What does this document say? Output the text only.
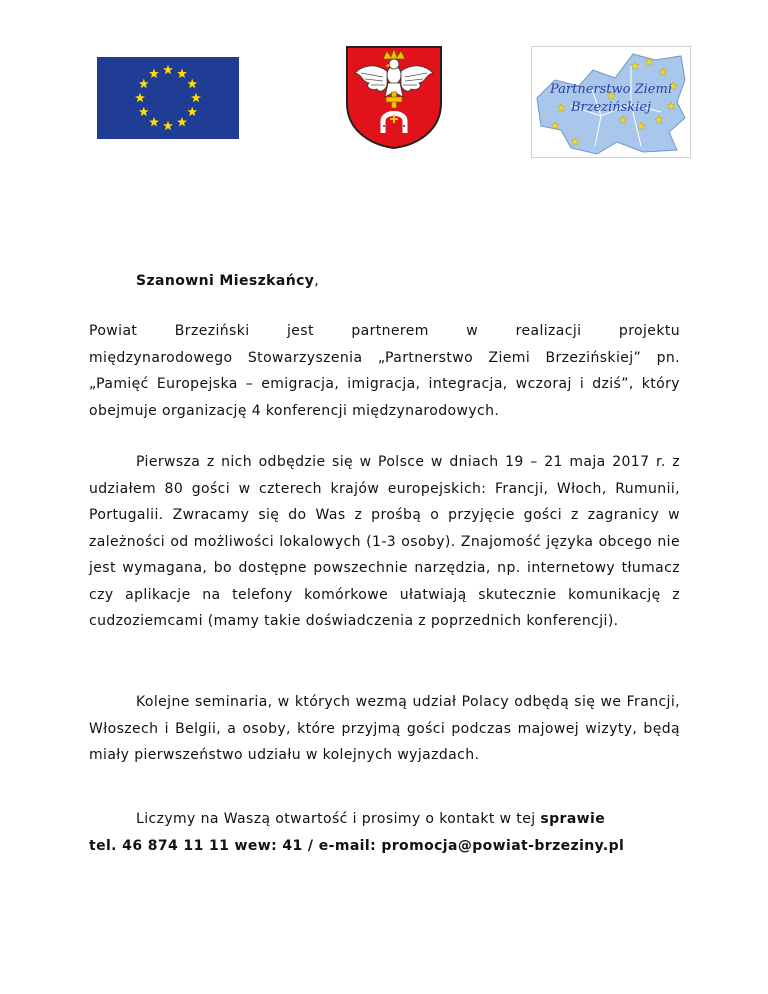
Partnerstwo Ziemi
Brzezińskiej
Szanowni Mieszkańcy,

Powiat Brzeziński jest partnerem w realizacji projektu

międzynarodowego Stowarzyszenia „Partnerstwo Ziemi Brzezińskiej” pn. „Pamięć Europejska – emigracja, imigracja, integracja, wczoraj i dziś”, który obejmuje organizację 4 konferencji międzynarodowych.

Pierwsza z nich odbędzie się w Polsce w dniach 19 – 21 maja 2017 r. z udziałem 80 gości w czterech krajów europejskich: Francji, Włoch, Rumunii, Portugalii. Zwracamy się do Was z prośbą o przyjęcie gości z zagranicy w zależności od możliwości lokalowych (1-3 osoby). Znajomość języka obcego nie jest wymagana, bo dostępne powszechnie narzędzia, np. internetowy tłumacz czy aplikacje na telefony komórkowe ułatwiają skutecznie komunikację z cudzoziemcami (mamy takie doświadczenia z poprzednich konferencji).

Kolejne seminaria, w których wezmą udział Polacy odbędą się we Francji, Włoszech i Belgii, a osoby, które przyjmą gości podczas majowej wizyty, będą miały pierwszeństwo udziału w kolejnych wyjazdach.

Liczymy na Waszą otwartość i prosimy o kontakt w tej sprawie

tel. 46 874 11 11 wew: 41 / e-mail: promocja@powiat-brzeziny.pl
